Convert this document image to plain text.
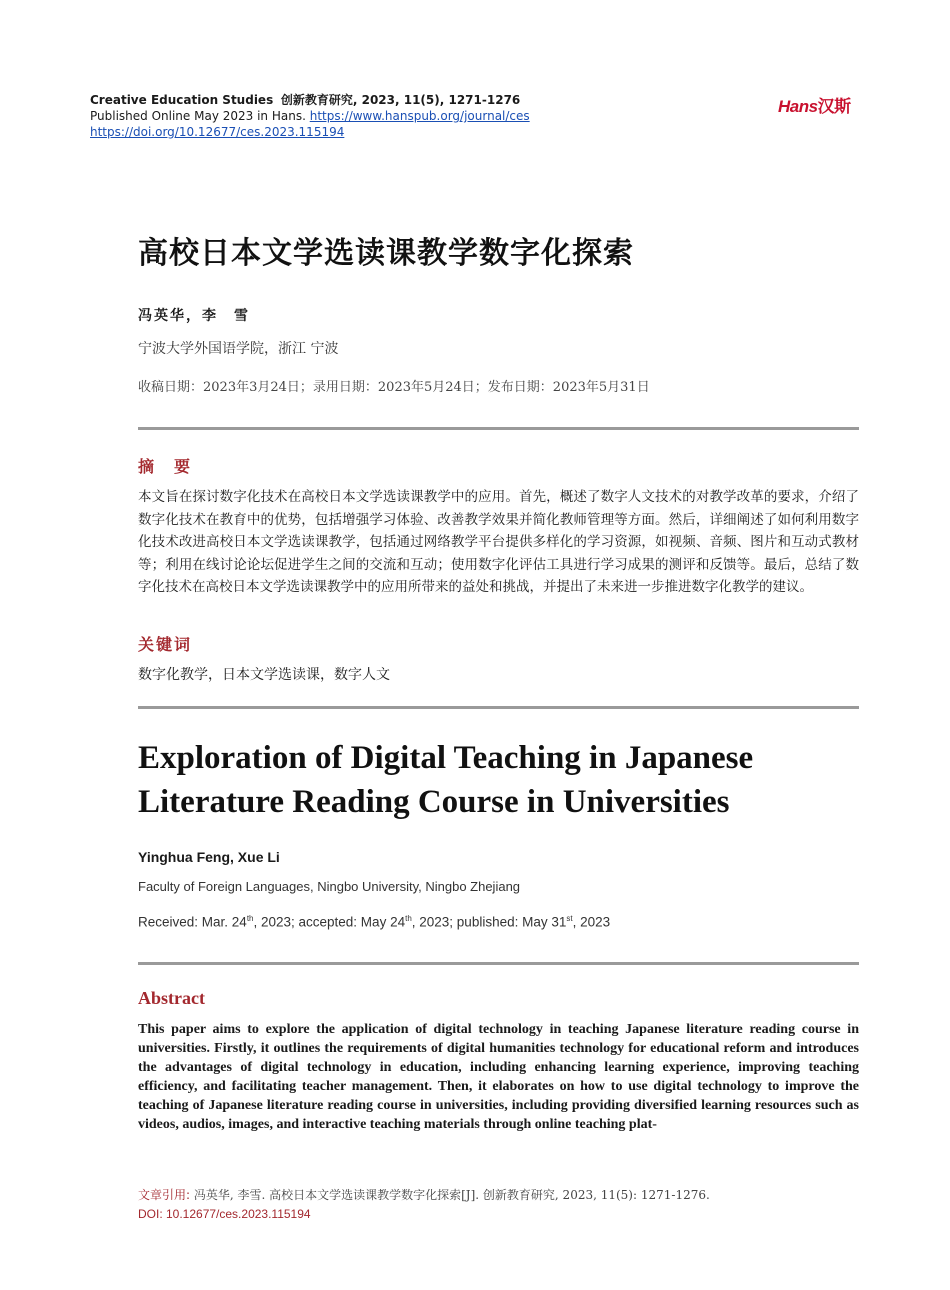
Creative Education Studies 创新教育研究, 2023, 11(5), 1271-1276
Published Online May 2023 in Hans. https://www.hanspub.org/journal/ces
https://doi.org/10.12677/ces.2023.115194
Hans汉斯
高校日本文学选读课教学数字化探索
冯英华，李　雪
宁波大学外国语学院，浙江 宁波
收稿日期：2023年3月24日；录用日期：2023年5月24日；发布日期：2023年5月31日
摘　要
本文旨在探讨数字化技术在高校日本文学选读课教学中的应用。首先，概述了数字人文技术的对教学改革的要求，介绍了数字化技术在教育中的优势，包括增强学习体验、改善教学效果并简化教师管理等方面。然后，详细阐述了如何利用数字化技术改进高校日本文学选读课教学，包括通过网络教学平台提供多样化的学习资源，如视频、音频、图片和互动式教材等；利用在线讨论论坛促进学生之间的交流和互动；使用数字化评估工具进行学习成果的测评和反馈等。最后，总结了数字化技术在高校日本文学选读课教学中的应用所带来的益处和挑战，并提出了未来进一步推进数字化教学的建议。
关键词
数字化教学，日本文学选读课，数字人文
Exploration of Digital Teaching in Japanese Literature Reading Course in Universities
Yinghua Feng, Xue Li
Faculty of Foreign Languages, Ningbo University, Ningbo Zhejiang
Received: Mar. 24th, 2023; accepted: May 24th, 2023; published: May 31st, 2023
Abstract
This paper aims to explore the application of digital technology in teaching Japanese literature reading course in universities. Firstly, it outlines the requirements of digital humanities technology for educational reform and introduces the advantages of digital technology in education, including enhancing learning experience, improving teaching efficiency, and facilitating teacher management. Then, it elaborates on how to use digital technology to improve the teaching of Japanese literature reading course in universities, including providing diversified learning resources such as videos, audios, images, and interactive teaching materials through online teaching plat-
文章引用: 冯英华, 李雪. 高校日本文学选读课教学数字化探索[J]. 创新教育研究, 2023, 11(5): 1271-1276.
DOI: 10.12677/ces.2023.115194
